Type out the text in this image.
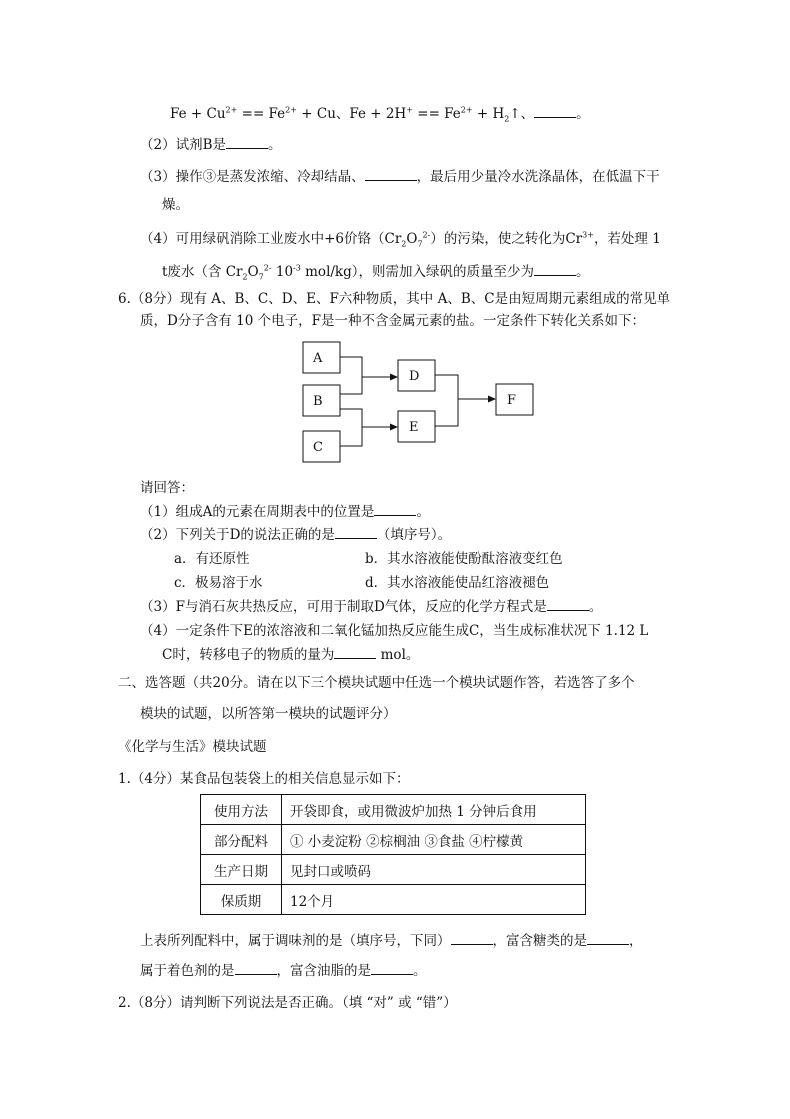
$Fe + Cu^{2+} == Fe^{2+} + Cu$、$Fe + 2H^+ == Fe^{2+}$ + $H_2↑$、	。
（2）试剂B是	。
（3）操作③是蒸发浓缩、冷却结晶、	，最后用少量冷水洗涤晶体，在低温下干
燥。
（4）可用绿矾消除工业废水中+6价铬$(Cr_2O_7^{2-})$的污染，使之转化为$Cr^{3+}$，若处理 1
t废水（含 $Cr_2O_7^{2-}$ $10^{-3}$ mol/kg），则需加入绿矾的质量至少为	。
6.（8分）现有 A、B、C、D、E、F六种物质，其中 A、B、C是由短周期元素组成的常见单
质，D分子含有 10 个电子，F是一种不含金属元素的盐。一定条件下转化关系如下：
A
B
C
D
E
F
请回答：
（1）组成A的元素在周期表中的位置是	。
（2）下列关于D的说法正确的是	（填序号）。
a．有还原性	b．其水溶液能使酚酞溶液变红色
c．极易溶于水	d．其水溶液能使品红溶液褪色
（3）F与消石灰共热反应，可用于制取D气体，反应的化学方程式是	。
（4）一定条件下E的浓溶液和二氧化锰加热反应能生成C，当生成标准状况下 1.12 L
C时，转移电子的物质的量为	mol。
二、选答题（共20分。请在以下三个模块试题中任选一个模块试题作答，若选答了多个
模块的试题，以所答第一模块的试题评分）
《化学与生活》模块试题
1.（4分）某食品包装袋上的相关信息显示如下：
使用方法	开袋即食，或用微波炉加热 1 分钟后食用
部分配料	① 小麦淀粉 ②棕榈油 ③食盐 ④柠檬黄
生产日期	见封口或喷码
保质期	12个月
上表所列配料中，属于调味剂的是（填序号，下同）	，富含糖类的是	，
属于着色剂的是	，富含油脂的是	。
2.（8分）请判断下列说法是否正确。（填 “对” 或 “错”）
